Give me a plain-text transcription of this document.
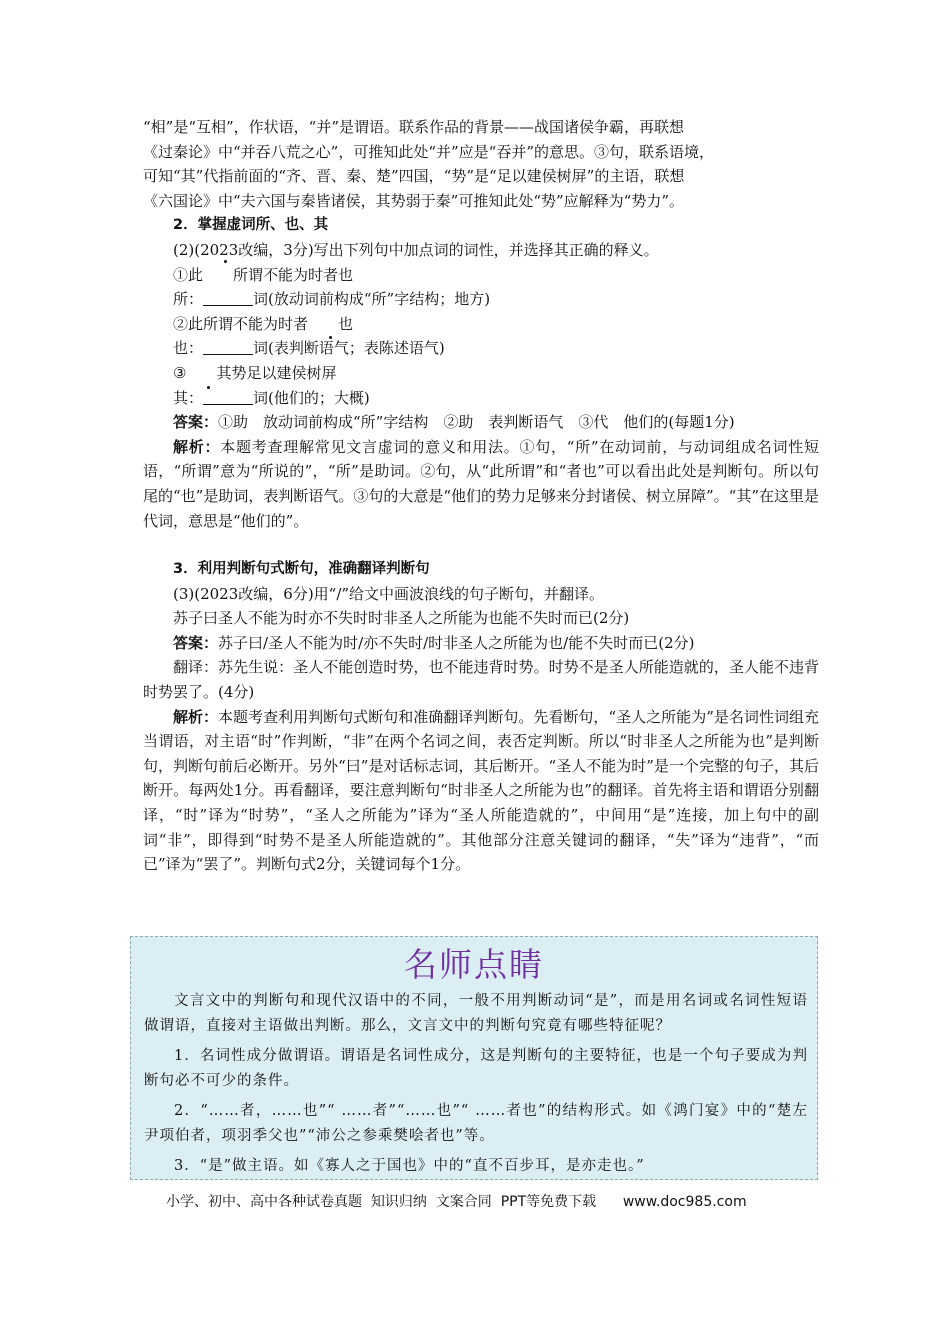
“相”是“互相”，作状语，“并”是谓语。联系作品的背景——战国诸侯争霸，再联想

《过秦论》中“并吞八荒之心”，可推知此处“并”应是“吞并”的意思。③句，联系语境，

可知“其”代指前面的“齐、晋、秦、楚”四国，“势”是“足以建侯树屏”的主语，联想

《六国论》中“夫六国与秦皆诸侯，其势弱于秦”可推知此处“势”应解释为“势力”。

2．掌握虚词所、也、其

(2)(2023改编，3分)写出下列句中加点词的词性，并选择其正确的释义。

①此 所谓不能为时者也

所：	词(放动词前构成“所”字结构；地方)

②此所谓不能为时者 也

也：	词(表判断语气；表陈述语气)

③ 其势足以建侯树屏

其：	词(他们的；大概)

答案：①助　放动词前构成“所”字结构　②助　表判断语气　③代　他们的(每题1分)

解析：本题考查理解常见文言虚词的意义和用法。①句，“所”在动词前，与动词组成名词性短语，“所谓”意为“所说的”，“所”是助词。②句，从“此所谓”和“者也”可以看出此处是判断句。所以句尾的“也”是助词，表判断语气。③句的大意是“他们的势力足够来分封诸侯、树立屏障”。“其”在这里是代词，意思是“他们的”。

3．利用判断句式断句，准确翻译判断句

(3)(2023改编，6分)用“/”给文中画波浪线的句子断句，并翻译。

苏子曰圣人不能为时亦不失时时非圣人之所能为也能不失时而已(2分)

答案：苏子曰/圣人不能为时/亦不失时/时非圣人之所能为也/能不失时而已(2分)

翻译：苏先生说：圣人不能创造时势，也不能违背时势。时势不是圣人所能造就的，圣人能不违背时势罢了。(4分)

解析：本题考查利用判断句式断句和准确翻译判断句。先看断句，“圣人之所能为”是名词性词组充当谓语，对主语“时”作判断，“非”在两个名词之间，表否定判断。所以“时非圣人之所能为也”是判断句，判断句前后必断开。另外“曰”是对话标志词，其后断开。“圣人不能为时”是一个完整的句子，其后断开。每两处1分。再看翻译，要注意判断句“时非圣人之所能为也”的翻译。首先将主语和谓语分别翻译，“时”译为“时势”，“圣人之所能为”译为“圣人所能造就的”，中间用“是”连接，加上句中的副词“非”，即得到“时势不是圣人所能造就的”。其他部分注意关键词的翻译，“失”译为“违背”，“而已”译为“罢了”。判断句式2分，关键词每个1分。

名师点睛

文言文中的判断句和现代汉语中的不同，一般不用判断动词“是”，而是用名词或名词性短语做谓语，直接对主语做出判断。那么，文言文中的判断句究竟有哪些特征呢？

1．名词性成分做谓语。谓语是名词性成分，这是判断句的主要特征，也是一个句子要成为判断句必不可少的条件。

2．“……者，……也”“ ……者”“……也”“ ……者也”的结构形式。如《鸿门宴》中的“楚左尹项伯者，项羽季父也”“沛公之参乘樊哙者也”等。

3．“是”做主语。如《寡人之于国也》中的“直不百步耳，是亦走也。”

小学、初中、高中各种试卷真题  知识归纳  文案合同  PPT等免费下载 www.doc985.com
